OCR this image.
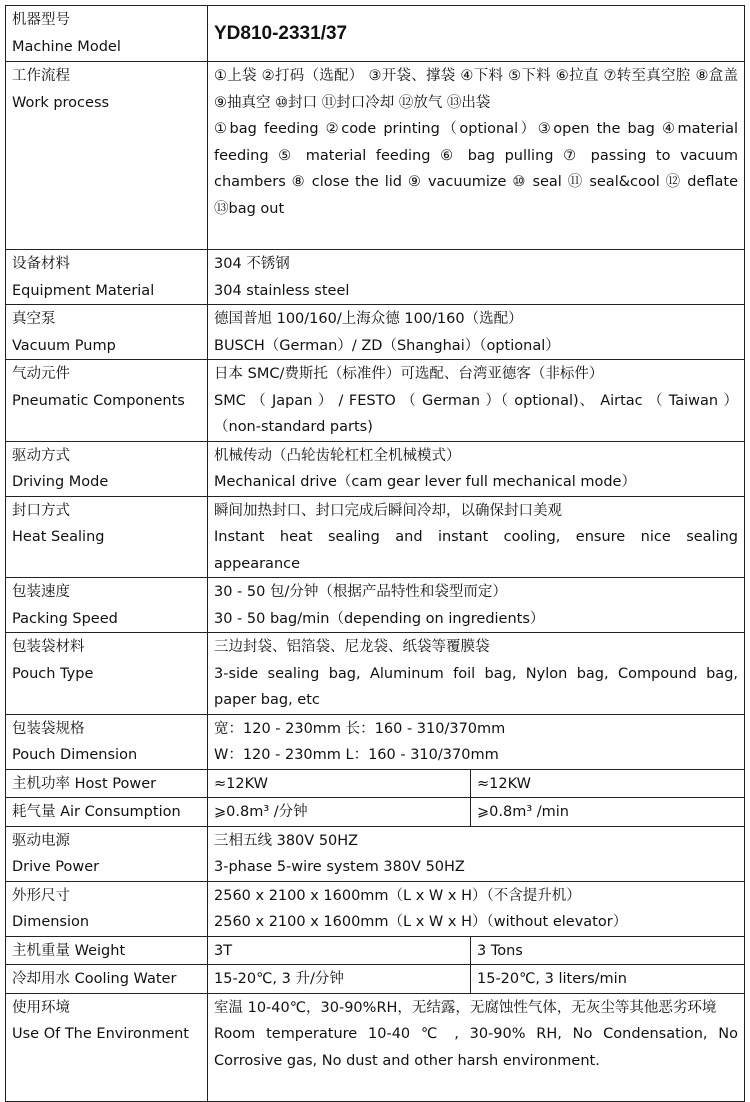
机器型号
Machine Model	YD810-2331/37	

工作流程
Work process	①上袋 ②打码（选配） ③开袋、撑袋 ④下料 ⑤下料 ⑥拉直 ⑦转至真空腔 ⑧盒盖 ⑨抽真空 ⑩封口 ⑪封口冷却 ⑫放气 ⑬出袋
①bag feeding ②code printing（optional）③open the bag ④material feeding ⑤ material feeding ⑥ bag pulling ⑦ passing to vacuum chambers ⑧ close the lid ⑨ vacuumize ⑩ seal ⑪ seal&cool ⑫ deflate ⑬bag out	

设备材料
Equipment Material	304 不锈钢
304 stainless steel	

真空泵
Vacuum Pump	德国普旭 100/160/上海众德 100/160（选配）
BUSCH（German）/ ZD（Shanghai）（optional）	

气动元件
Pneumatic Components	日本 SMC/费斯托（标准件）可选配、台湾亚德客（非标件）
SMC （ Japan ） / FESTO （ German ）（ optional)、 Airtac （ Taiwan ）（non-standard parts)	

驱动方式
Driving Mode	机械传动（凸轮齿轮杠杠全机械模式）
Mechanical drive（cam gear lever full mechanical mode）	

封口方式
Heat Sealing	瞬间加热封口、封口完成后瞬间冷却，以确保封口美观
Instant heat sealing and instant cooling, ensure nice sealing appearance	

包装速度
Packing Speed	30 - 50 包/分钟（根据产品特性和袋型而定）
30 - 50 bag/min（depending on ingredients）	

包装袋材料
Pouch Type	三边封袋、铝箔袋、尼龙袋、纸袋等覆膜袋
3-side sealing bag, Aluminum foil bag, Nylon bag, Compound bag, paper bag, etc	

包装袋规格
Pouch Dimension	宽：120 - 230mm 长：160 - 310/370mm
W：120 - 230mm L：160 - 310/370mm	

主机功率 Host Power	≈12KW	≈12KW
耗气量 Air Consumption	⩾0.8m³ /分钟	⩾0.8m³ /min

驱动电源
Drive Power	三相五线 380V 50HZ
3-phase 5-wire system 380V 50HZ	

外形尺寸
Dimension	2560 x 2100 x 1600mm（L x W x H）（不含提升机）
2560 x 2100 x 1600mm（L x W x H）（without elevator）	

主机重量 Weight	3T	3 Tons
冷却用水 Cooling Water	15-20℃, 3 升/分钟	15-20℃, 3 liters/min

使用环境
Use Of The Environment	室温 10-40℃，30-90%RH，无结露，无腐蚀性气体，无灰尘等其他恶劣环境
Room temperature 10-40 ℃ , 30-90% RH, No Condensation, No Corrosive gas, No dust and other harsh environment.	
